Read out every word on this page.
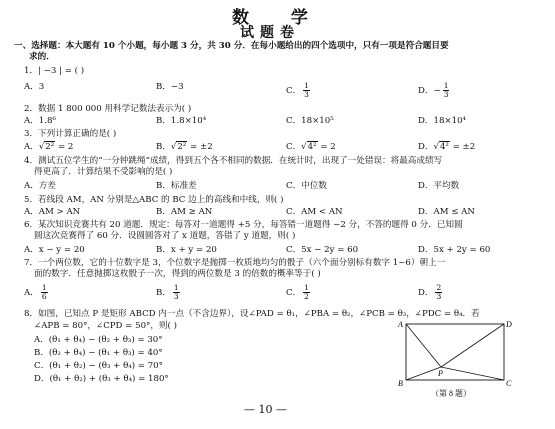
数 学
试题卷
一、选择题：本大题有 10 个小题，每小题 3 分，共 30 分．在每小题给出的四个选项中，只有一项是符合题目要
求的．
1．| −3 | = ( )
A．3	B．−3	C． $\frac{1}{3}$	D．− $\frac{1}{3}$
2．数据 1 800 000 用科学记数法表示为( )
A．1.8⁶	B．1.8×10⁴	C．18×10⁵	D．18×10⁴
3．下列计算正确的是( )
A．√2² = 2	B．√2² = ±2	C．√4² = 2	D．√4² = ±2
4．测试五位学生的“一分钟跳绳”成绩，得到五个各不相同的数据．在统计时，出现了一处错误：将最高成绩写
得更高了．计算结果不受影响的是( )
A．方差	B．标准差	C．中位数	D．平均数
5．若线段 AM，AN 分别是△ABC 的 BC 边上的高线和中线，则( )
A．AM > AN	B．AM ≥ AN	C．AM < AN	D．AM ≤ AN
6．某次知识竞赛共有 20 道题．规定：每答对一道题得 +5 分，每答错一道题得 −2 分，不答的题得 0 分．已知圆
圆这次竞赛得了 60 分．设圆圆答对了 x 道题，答错了 y 道题，则( )
A．x − y = 20	B．x + y = 20	C．5x − 2y = 60	D．5x + 2y = 60
7．一个两位数，它的十位数字是 3，个位数字是抛掷一枚质地均匀的骰子（六个面分别标有数字 1~6）朝上一
面的数字．任意抛掷这枚骰子一次，得到的两位数是 3 的倍数的概率等于( )
A． $\frac{1}{6}$	B． $\frac{1}{3}$	C． $\frac{1}{2}$	D． $\frac{2}{3}$
8．如图，已知点 P 是矩形 ABCD 内一点（不含边界），设∠PAD = θ₁，∠PBA = θ₂，∠PCB = θ₃，∠PDC = θ₄．若
∠APB = 80°，∠CPD = 50°，则( )
A．(θ₁ + θ₄) − (θ₂ + θ₃) = 30°
B．(θ₂ + θ₄) − (θ₁ + θ₃) = 40°
C．(θ₁ + θ₂) − (θ₃ + θ₄) = 70°
D．(θ₁ + θ₂) + (θ₃ + θ₄) = 180°
A
B	C
D
P
（第 8 题）
— 10 —
